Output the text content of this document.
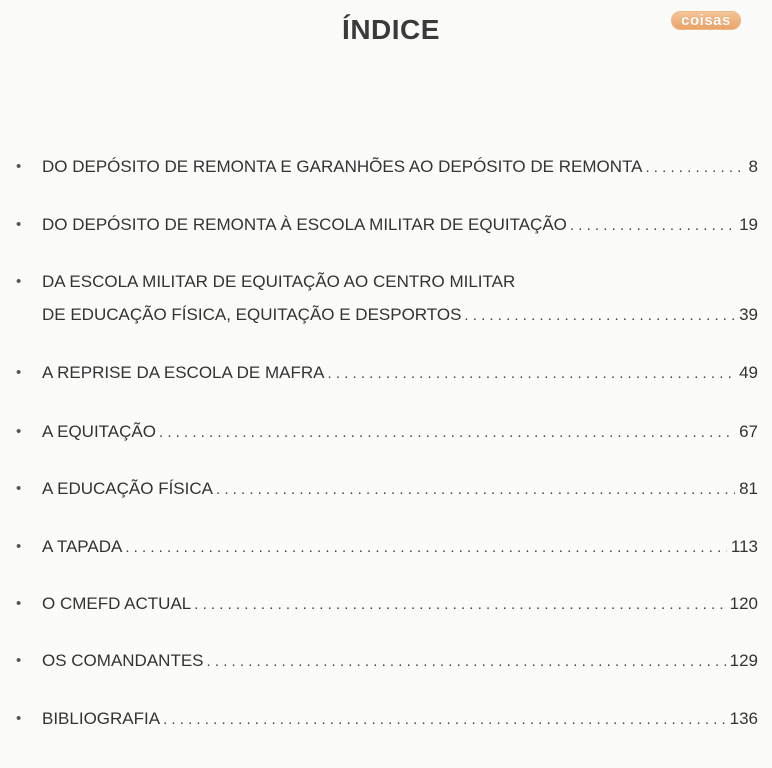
ÍNDICE	coisas
• DO DEPÓSITO DE REMONTA E GARANHÕES AO DEPÓSITO DE REMONTA . . .	8
• DO DEPÓSITO DE REMONTA À ESCOLA MILITAR DE EQUITAÇÃO . . .	19
• DA ESCOLA MILITAR DE EQUITAÇÃO AO CENTRO MILITAR
DE EDUCAÇÃO FÍSICA, EQUITAÇÃO E DESPORTOS . . .	39
• A REPRISE DA ESCOLA DE MAFRA . . .	49
• A EQUITAÇÃO . . .	67
• A EDUCAÇÃO FÍSICA . . .	81
• A TAPADA . . .	113
• O CMEFD ACTUAL . . .	120
• OS COMANDANTES . . .	129
• BIBLIOGRAFIA . . .	136
